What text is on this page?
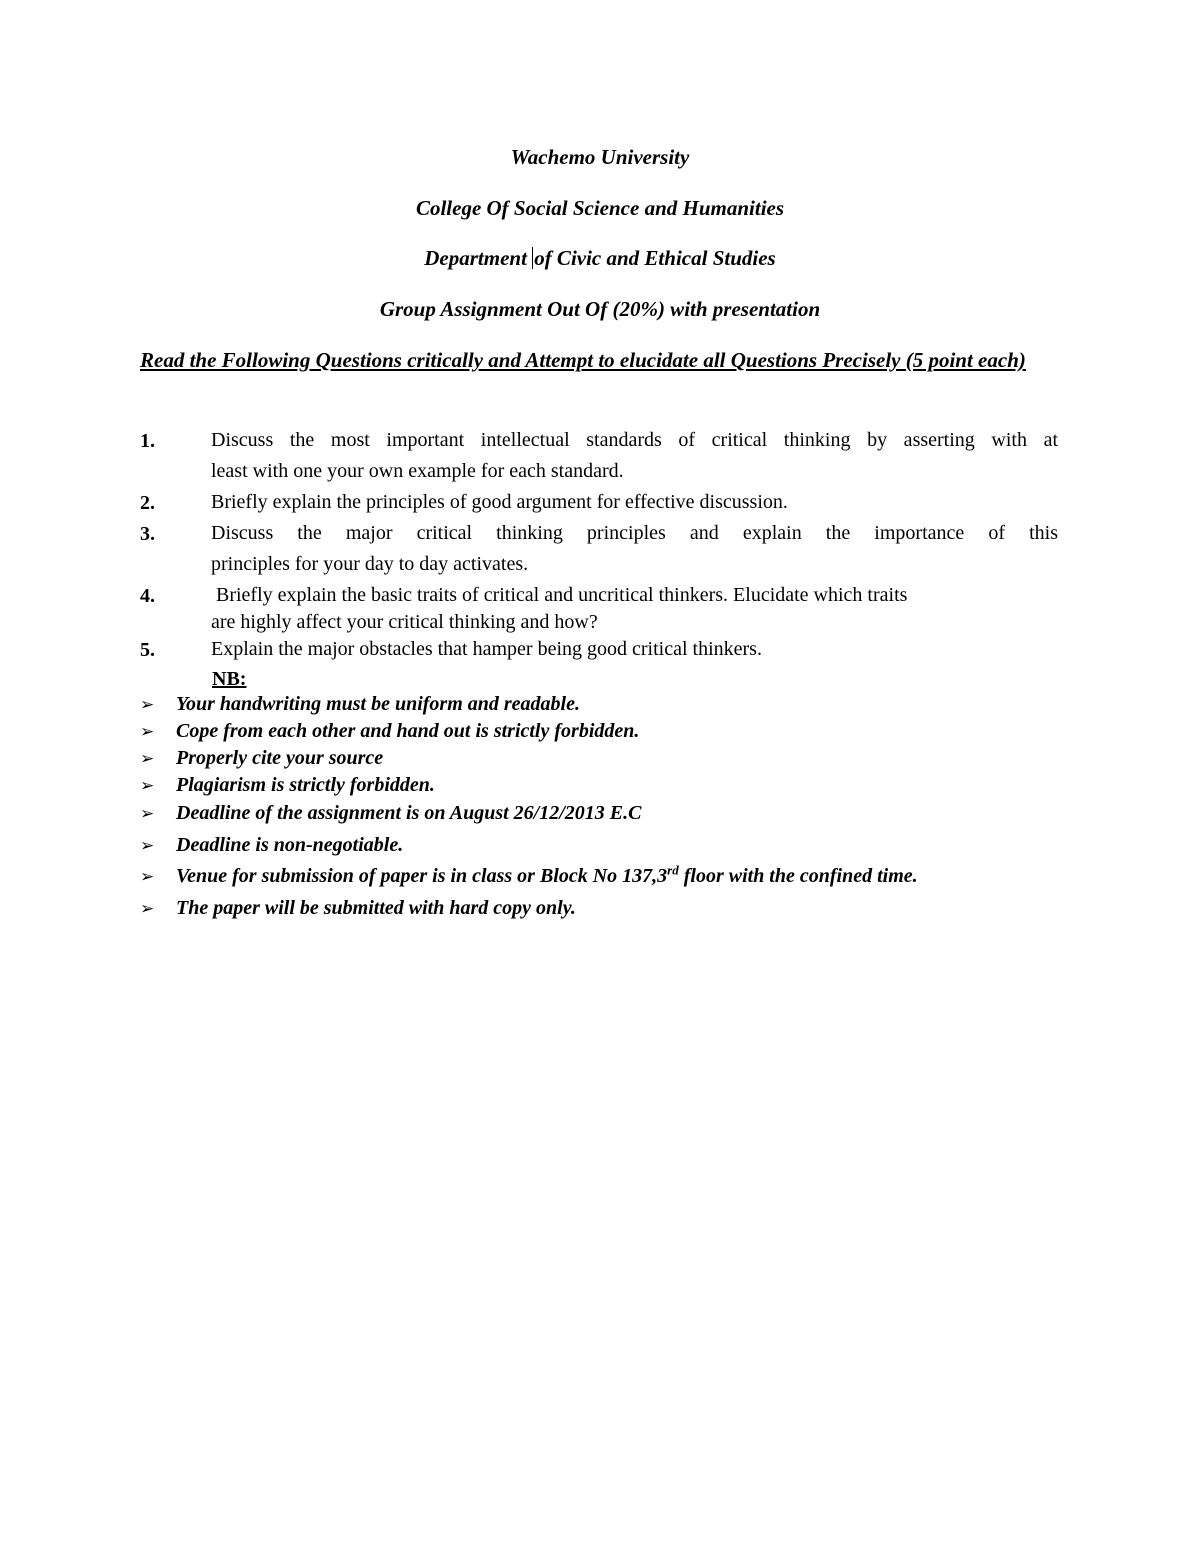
Wachemo University
College Of Social Science and Humanities
Department of Civic and Ethical Studies
Group Assignment Out Of (20%) with presentation
Read the Following Questions critically and Attempt to elucidate all Questions Precisely (5 point each)
1.	Discuss the most important intellectual standards of critical thinking by asserting with at
least with one your own example for each standard.
2.	Briefly explain the principles of good argument for effective discussion.
3.	Discuss the major critical thinking principles and explain the importance of this
principles for your day to day activates.
4.	Briefly explain the basic traits of critical and uncritical thinkers. Elucidate which traits
are highly affect your critical thinking and how?
5.	Explain the major obstacles that hamper being good critical thinkers.
NB:
➢ Your handwriting must be uniform and readable.
➢ Cope from each other and hand out is strictly forbidden.
➢ Properly cite your source
➢ Plagiarism is strictly forbidden.
➢ Deadline of the assignment is on August 26/12/2013 E.C
➢ Deadline is non-negotiable.
➢ Venue for submission of paper is in class or Block No 137,3rd floor with the confined time.
➢ The paper will be submitted with hard copy only.
